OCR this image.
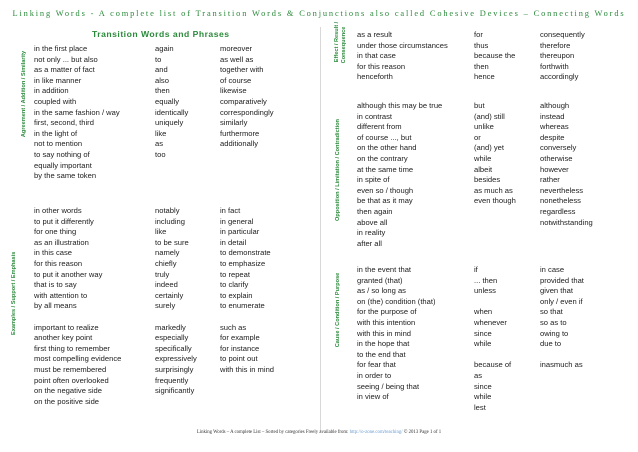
Linking Words - A complete list of Transition Words & Conjunctions also called Cohesive Devices – Connecting Words
Transition Words and Phrases
Agreement / Addition / Similarity
in the first place
not only ... but also
as a matter of fact
in like manner
in addition
coupled with
in the same fashion / way
first, second, third
in the light of
not to mention
to say nothing of
equally important
by the same token
again
to
and
also
then
equally
identically
uniquely
like
as
too
moreover
as well as
together with
of course
likewise
comparatively
correspondingly
similarly
furthermore
additionally
Examples / Support / Emphasis
in other words
to put it differently
for one thing
as an illustration
in this case
for this reason
to put it another way
that is to say
with attention to
by all means
important to realize
another key point
first thing to remember
most compelling evidence
must be remembered
point often overlooked
on the negative side
on the positive side
notably
including
like
to be sure
namely
chiefly
truly
indeed
certainly
surely
markedly
especially
specifically
expressively
surprisingly
frequently
significantly
in fact
in general
in particular
in detail
to demonstrate
to emphasize
to repeat
to clarify
to explain
to enumerate
such as
for example
for instance
to point out
with this in mind
Effect / Result / Consequence as a result
under those circumstances
in that case
for this reason
henceforth
for
thus
because the
then
hence
consequently
therefore
thereupon
forthwith
accordingly
Opposition / Limitation / Contradiction
although this may be true
in contrast
different from
of course ..., but
on the other hand
on the contrary
at the same time
in spite of
even so / though
be that as it may
then again
above all
in reality
after all
but
(and) still
unlike
or
(and) yet
while
albeit
besides
as much as
even though
although
instead
whereas
despite
conversely
otherwise
however
rather
nevertheless
nonetheless
regardless
notwithstanding
Cause / Condition / Purpose
in the event that
granted (that)
as / so long as
on (the) condition (that)
for the purpose of
with this intention
with this in mind
in the hope that
to the end that
for fear that
in order to
seeing / being that
in view of
if
... then
unless
when
whenever
since
while
because of
as
since
while
lest
in case
provided that
given that
only / even if
so that
so as to
owing to
due to
inasmuch as
Linking Words – A complete List – Sorted by categories Freely available from: http://o-zone.com/teaching/ © 2013 Page 1 of 1
